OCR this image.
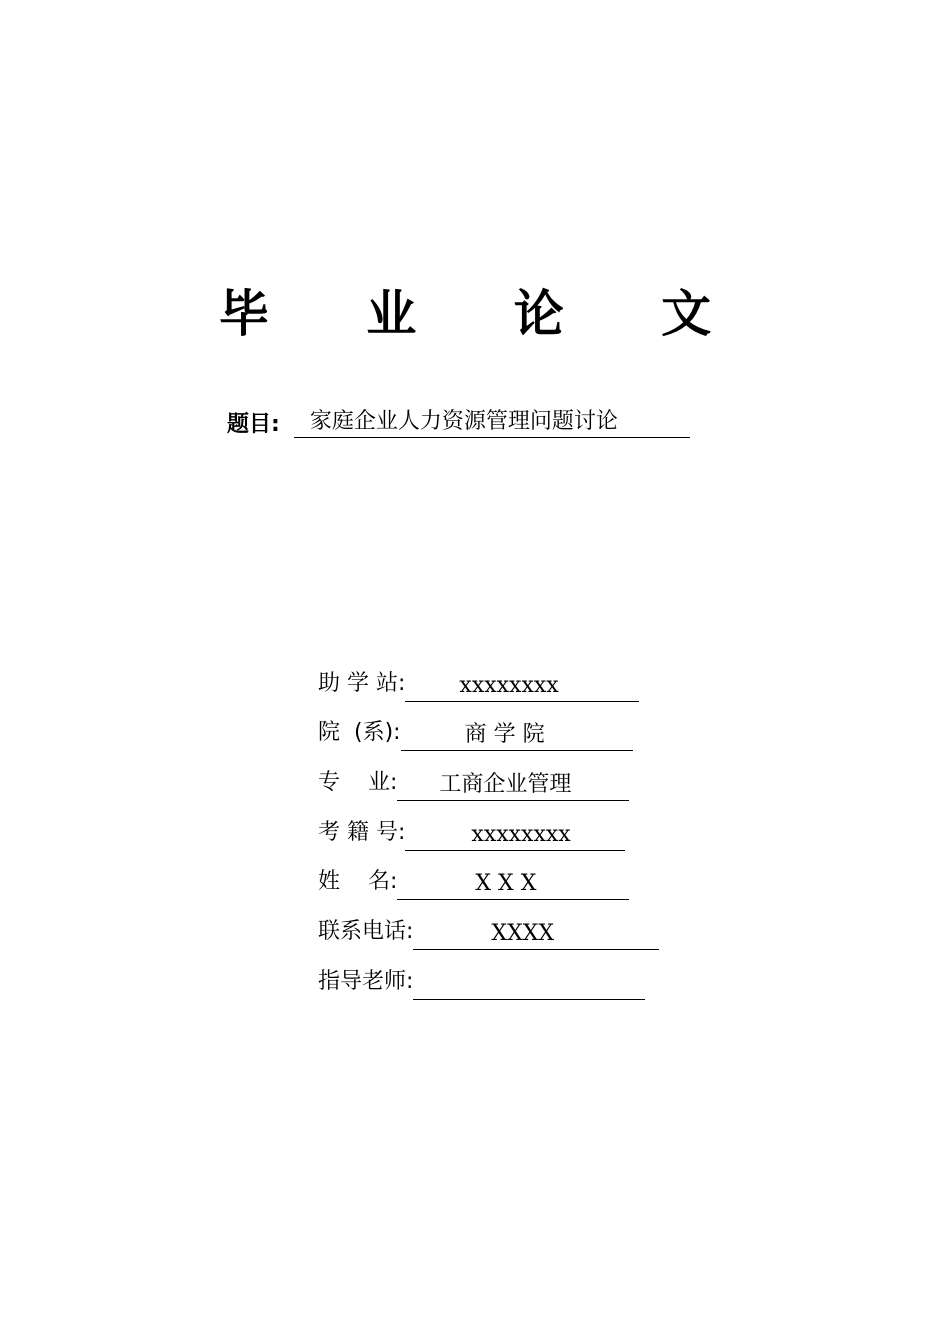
毕 业 论 文
题目:	家庭企业人力资源管理问题讨论
助 学 站:	xxxxxxxx
院  (系):	商 学 院
专    业:	工商企业管理
考 籍 号:	xxxxxxxx
姓    名:	X X X
联系电话:	XXXX
指导老师:
